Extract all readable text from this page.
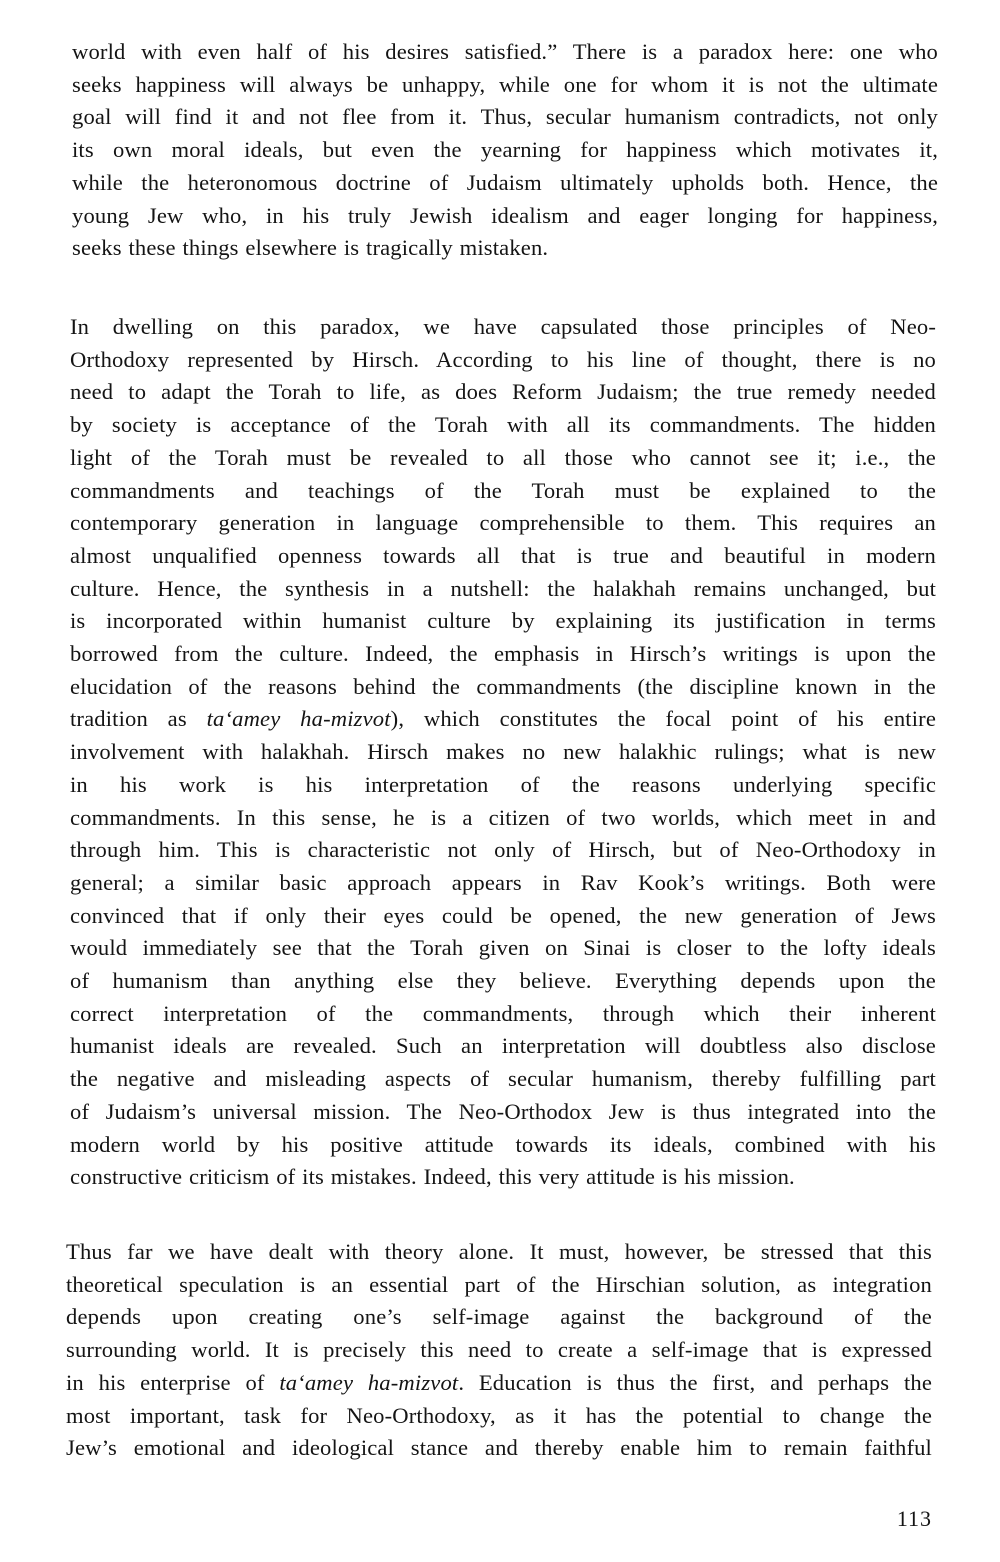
world with even half of his desires satisfied.” There is a paradox here: one who
seeks happiness will always be unhappy, while one for whom it is not the ultimate
goal will find it and not flee from it. Thus, secular humanism contradicts, not only
its own moral ideals, but even the yearning for happiness which motivates it,
while the heteronomous doctrine of Judaism ultimately upholds both. Hence, the
young Jew who, in his truly Jewish idealism and eager longing for happiness,
seeks these things elsewhere is tragically mistaken.
In dwelling on this paradox, we have capsulated those principles of Neo-
Orthodoxy represented by Hirsch. According to his line of thought, there is no
need to adapt the Torah to life, as does Reform Judaism; the true remedy needed
by society is acceptance of the Torah with all its commandments. The hidden
light of the Torah must be revealed to all those who cannot see it; i.e., the
commandments and teachings of the Torah must be explained to the
contemporary generation in language comprehensible to them. This requires an
almost unqualified openness towards all that is true and beautiful in modern
culture. Hence, the synthesis in a nutshell: the halakhah remains unchanged, but
is incorporated within humanist culture by explaining its justification in terms
borrowed from the culture. Indeed, the emphasis in Hirsch’s writings is upon the
elucidation of the reasons behind the commandments (the discipline known in the
tradition as ta‘amey ha-mizvot), which constitutes the focal point of his entire
involvement with halakhah. Hirsch makes no new halakhic rulings; what is new
in his work is his interpretation of the reasons underlying specific
commandments. In this sense, he is a citizen of two worlds, which meet in and
through him. This is characteristic not only of Hirsch, but of Neo-Orthodoxy in
general; a similar basic approach appears in Rav Kook’s writings. Both were
convinced that if only their eyes could be opened, the new generation of Jews
would immediately see that the Torah given on Sinai is closer to the lofty ideals
of humanism than anything else they believe. Everything depends upon the
correct interpretation of the commandments, through which their inherent
humanist ideals are revealed. Such an interpretation will doubtless also disclose
the negative and misleading aspects of secular humanism, thereby fulfilling part
of Judaism’s universal mission. The Neo-Orthodox Jew is thus integrated into the
modern world by his positive attitude towards its ideals, combined with his
constructive criticism of its mistakes. Indeed, this very attitude is his mission.
Thus far we have dealt with theory alone. It must, however, be stressed that this
theoretical speculation is an essential part of the Hirschian solution, as integration
depends upon creating one’s self-image against the background of the
surrounding world. It is precisely this need to create a self-image that is expressed
in his enterprise of ta‘amey ha-mizvot. Education is thus the first, and perhaps the
most important, task for Neo-Orthodoxy, as it has the potential to change the
Jew’s emotional and ideological stance and thereby enable him to remain faithful
113
